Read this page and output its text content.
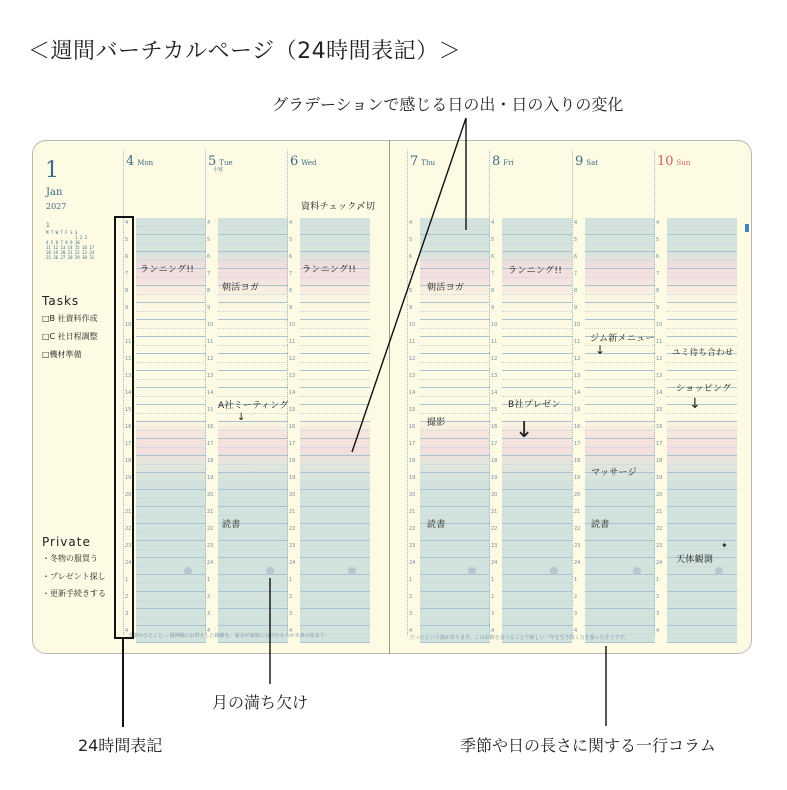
＜週間バーチカルページ（24時間表記）＞
グラデーションで感じる日の出・日の入りの変化
1
Jan
2027
1
M T W T F S S
1 2 3
4 5 6 7 8 9 10
11 12 13 14 15 16 17
18 19 20 21 22 23 24
25 26 27 28 29 30 31
Tasks
□B 社資料作成
□C 社日程調整
□機材準備
Private
・冬物の服買う
・プレゼント探し
・更新手続きする
4 Mon
4
5
6
7
8
9
10
11
12
13
14
15
16
17
18
19
20
21
22
23
24
1
2
3
4
5 Tue
小寒
4
5
6
7
8
9
10
11
12
13
14
15
16
17
18
19
20
21
22
23
24
1
2
3
4
6 Wed
4
5
6
7
8
9
10
11
12
13
14
15
16
17
18
19
20
21
22
23
24
1
2
3
4
7 Thu
4
5
6
7
8
9
10
11
12
13
14
15
16
17
18
19
20
21
22
23
24
1
2
3
4
8 Fri
4
5
6
7
8
9
10
11
12
13
14
15
16
17
18
19
20
21
22
23
24
1
2
3
4
9 Sat
4
5
6
7
8
9
10
11
12
13
14
15
16
17
18
19
20
21
22
23
24
1
2
3
4
10 Sun
4
5
6
7
8
9
10
11
12
13
14
15
16
17
18
19
20
21
22
23
24
1
2
3
4
ランニング!!
朝活ヨガ
A社ミーティング
↓
読書
資料チェック〆切
ランニング!!
朝活ヨガ
撮影
読書
ランニング!!
B社プレゼン
↓
ジム新メニュー
↓
マッサージ
読書
ユミ待ち合わせ
ショッピング
↓
天体観測
✦
今朝のひとこと… 満神様にお供えした鏡餅を、家長が家族に分けたものが本来の始まり	だったという説があります。このお餅を食べることで新しい一年を生き抜く力を養ったそうです。
月の満ち欠け
24時間表記	季節や日の長さに関する一行コラム
